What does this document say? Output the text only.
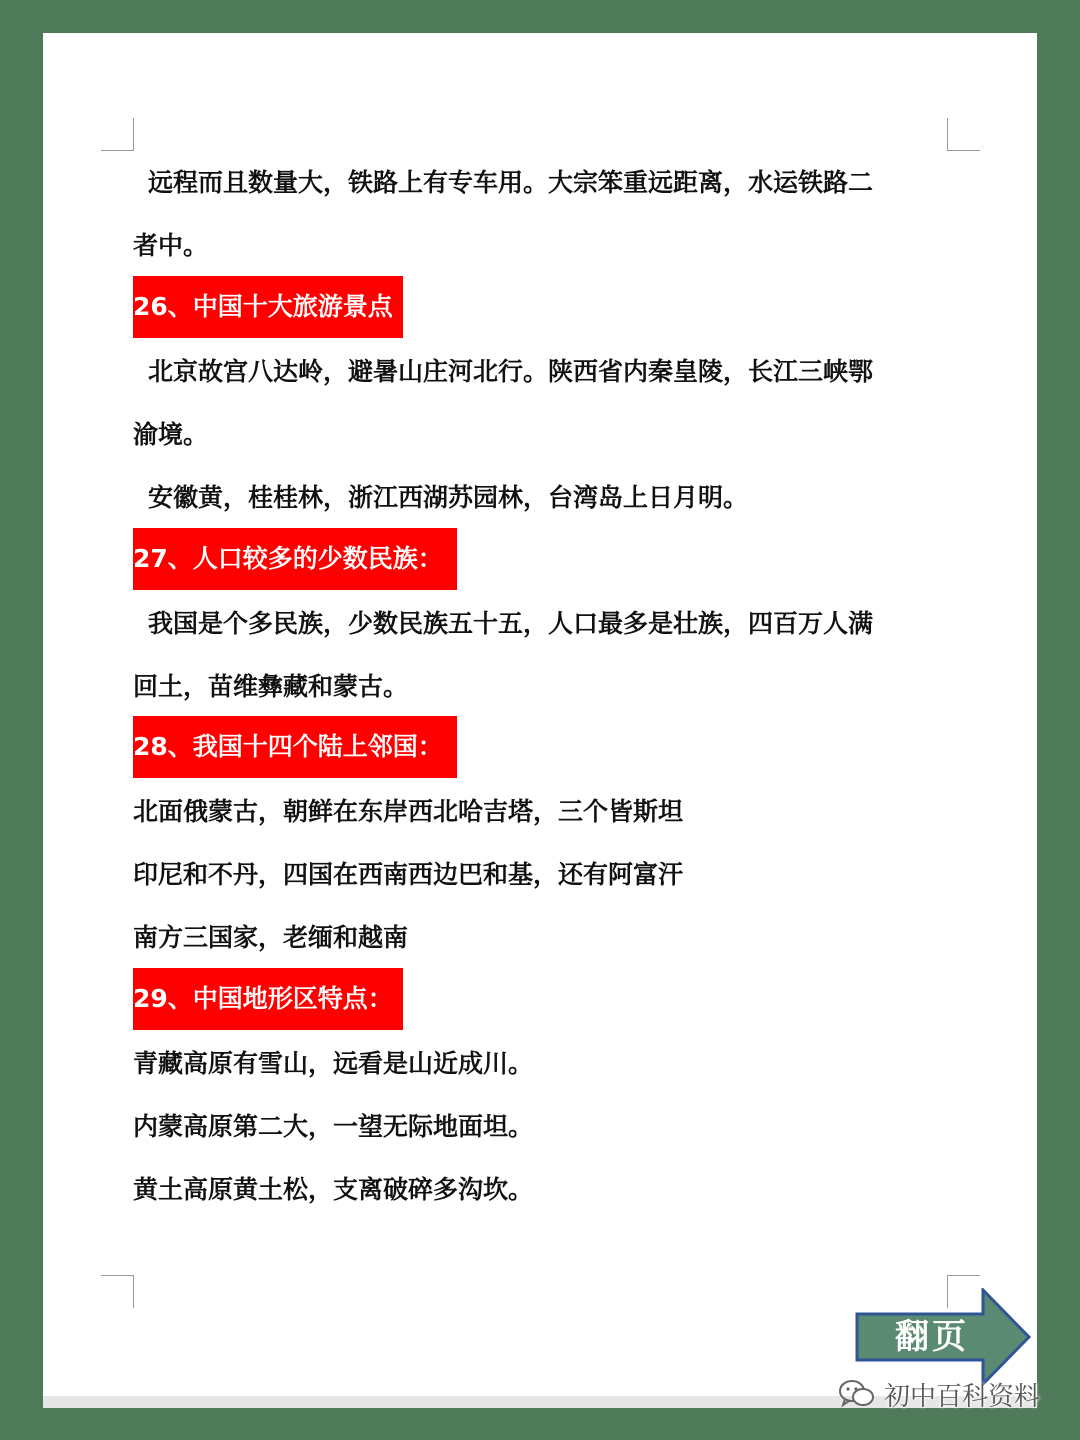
远程而且数量大，铁路上有专车用。大宗笨重远距离，水运铁路二
者中。
26、中国十大旅游景点
北京故宫八达岭，避暑山庄河北行。陕西省内秦皇陵，长江三峡鄂
渝境。
安徽黄，桂桂林，浙江西湖苏园林，台湾岛上日月明。
27、人口较多的少数民族：
我国是个多民族，少数民族五十五，人口最多是壮族，四百万人满
回土，苗维彝藏和蒙古。
28、我国十四个陆上邻国：
北面俄蒙古，朝鲜在东岸西北哈吉塔，三个皆斯坦
印尼和不丹，四国在西南西边巴和基，还有阿富汗
南方三国家，老缅和越南
29、中国地形区特点：
青藏高原有雪山，远看是山近成川。
内蒙高原第二大，一望无际地面坦。
黄土高原黄土松，支离破碎多沟坎。
翻页
初中百科资料
